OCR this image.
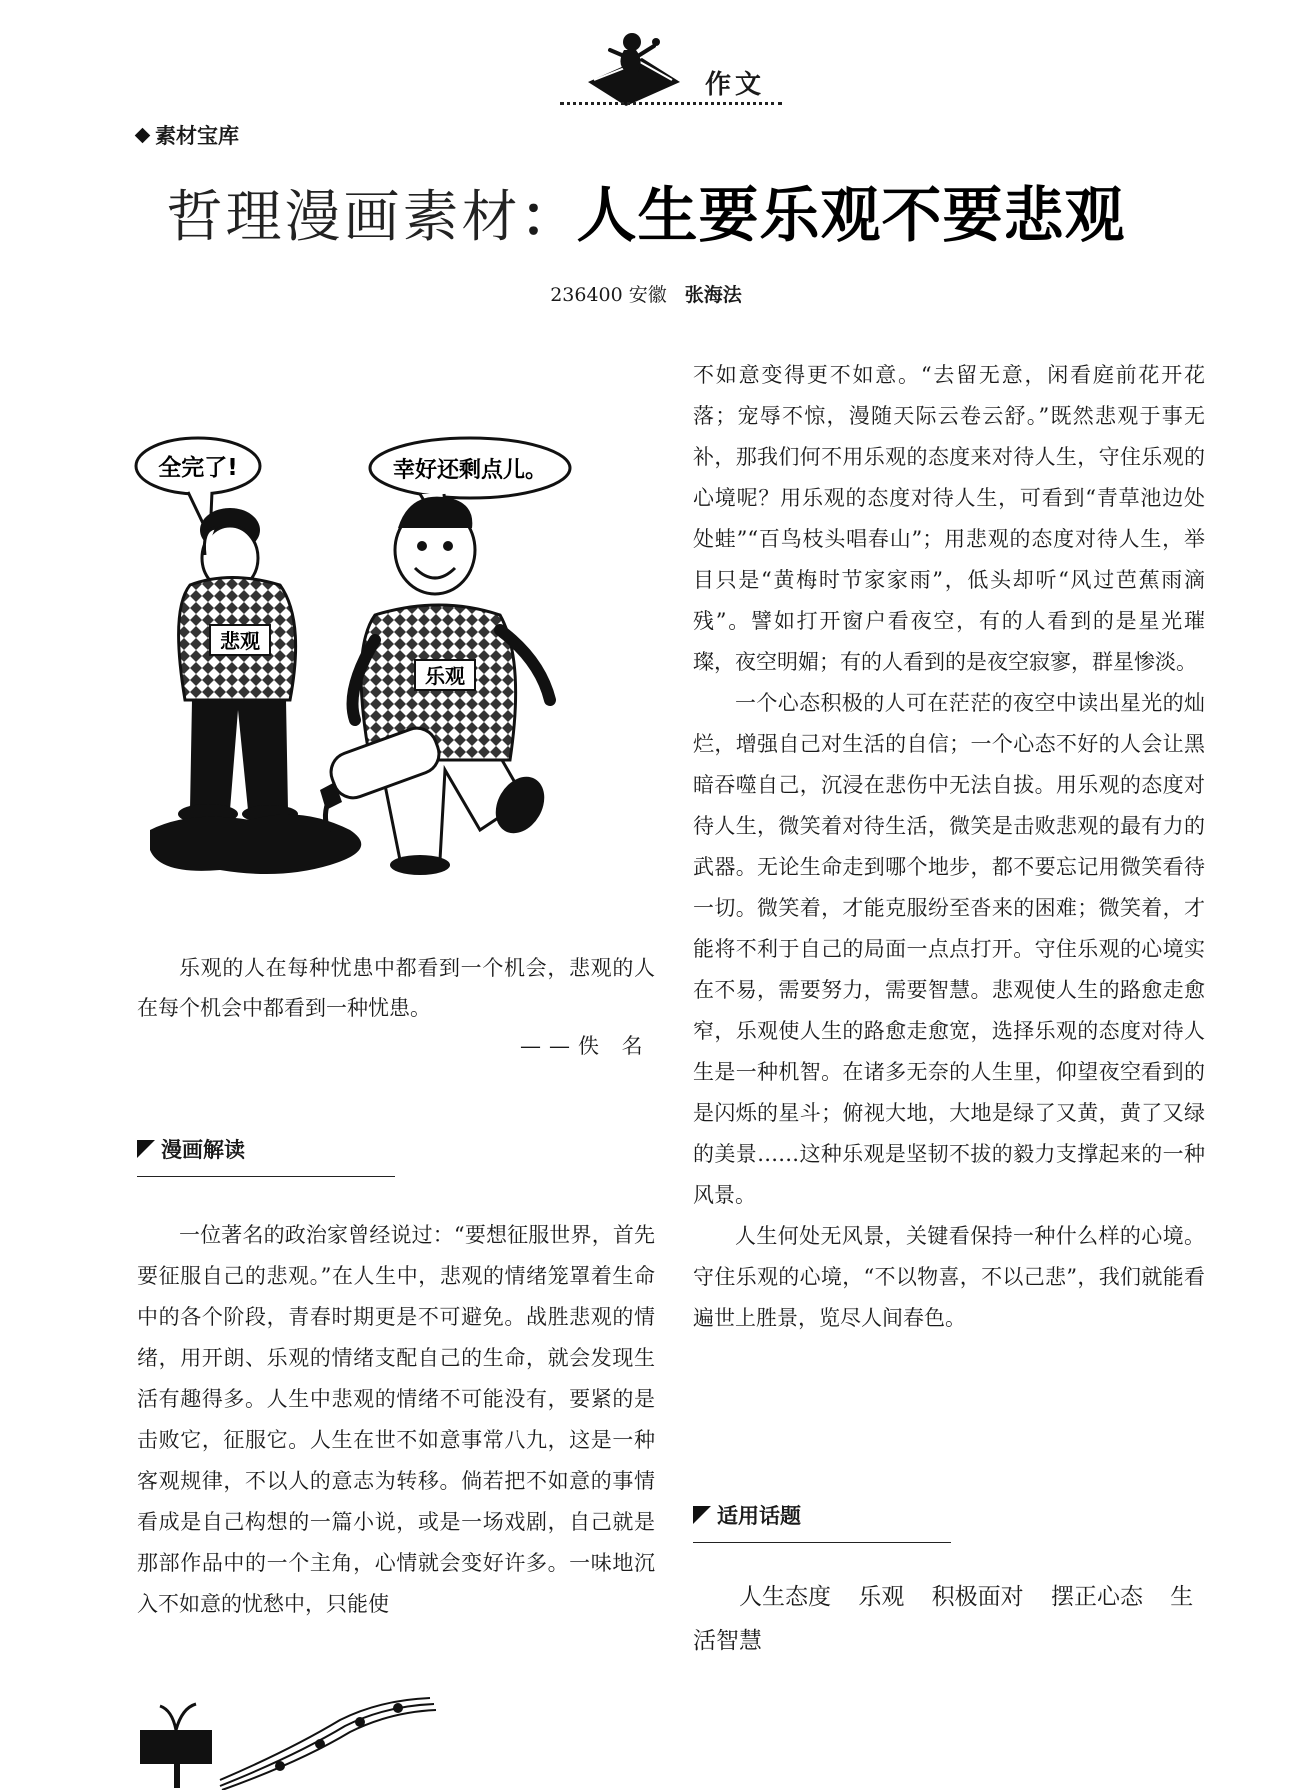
作文
素材宝库
哲理漫画素材：人生要乐观不要悲观
236400 安徽 张海法
全完了!	幸好还剩点儿。
悲观
乐观

乐观的人在每种忧患中都看到一个机会，悲观的人在每个机会中都看到一种忧患。

——佚 名
漫画解读

一位著名的政治家曾经说过：“要想征服世界，首先要征服自己的悲观。”在人生中，悲观的情绪笼罩着生命中的各个阶段，青春时期更是不可避免。战胜悲观的情绪，用开朗、乐观的情绪支配自己的生命，就会发现生活有趣得多。人生中悲观的情绪不可能没有，要紧的是击败它，征服它。人生在世不如意事常八九，这是一种客观规律，不以人的意志为转移。倘若把不如意的事情看成是自己构想的一篇小说，或是一场戏剧，自己就是那部作品中的一个主角，心情就会变好许多。一味地沉入不如意的忧愁中，只能使

不如意变得更不如意。“去留无意，闲看庭前花开花落；宠辱不惊，漫随天际云卷云舒。”既然悲观于事无补，那我们何不用乐观的态度来对待人生，守住乐观的心境呢？用乐观的态度对待人生，可看到“青草池边处处蛙”“百鸟枝头唱春山”；用悲观的态度对待人生，举目只是“黄梅时节家家雨”，低头却听“风过芭蕉雨滴残”。譬如打开窗户看夜空，有的人看到的是星光璀璨，夜空明媚；有的人看到的是夜空寂寥，群星惨淡。

一个心态积极的人可在茫茫的夜空中读出星光的灿烂，增强自己对生活的自信；一个心态不好的人会让黑暗吞噬自己，沉浸在悲伤中无法自拔。用乐观的态度对待人生，微笑着对待生活，微笑是击败悲观的最有力的武器。无论生命走到哪个地步，都不要忘记用微笑看待一切。微笑着，才能克服纷至沓来的困难；微笑着，才能将不利于自己的局面一点点打开。守住乐观的心境实在不易，需要努力，需要智慧。悲观使人生的路愈走愈窄，乐观使人生的路愈走愈宽，选择乐观的态度对待人生是一种机智。在诸多无奈的人生里，仰望夜空看到的是闪烁的星斗；俯视大地，大地是绿了又黄，黄了又绿的美景……这种乐观是坚韧不拔的毅力支撑起来的一种风景。

人生何处无风景，关键看保持一种什么样的心境。守住乐观的心境，“不以物喜，不以己悲”，我们就能看遍世上胜景，览尽人间春色。

适用话题
人生态度 乐观 积极面对 摆正心态 生活智慧
